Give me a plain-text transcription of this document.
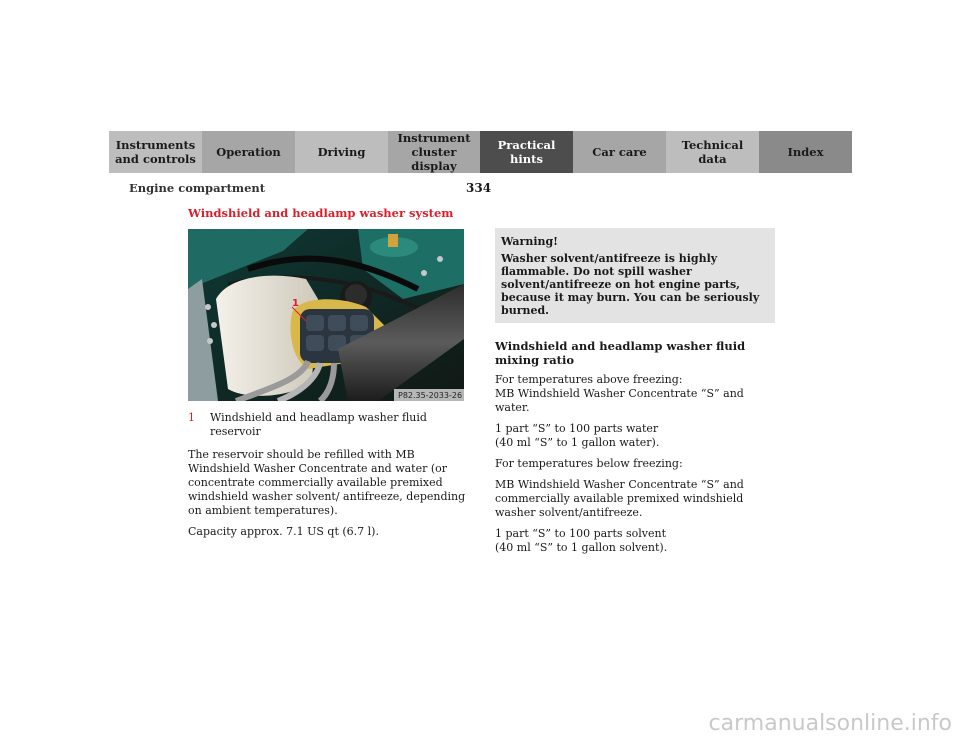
Instruments
and controls Operation	Driving
Instrument
cluster display
Practical hints	Car care	Technical
data	Index
Engine compartment	334
Windshield and headlamp washer system
1
P82.35-2033-26
1	Windshield and headlamp washer fluid reservoir

The reservoir should be refilled with MB Windshield Washer Concentrate and water (or concentrate commercially available premixed windshield washer solvent/ antifreeze, depending on ambient temperatures).

Capacity approx. 7.1 US qt (6.7 l).

Warning!
Washer solvent/antifreeze is highly flammable. Do not spill washer solvent/antifreeze on hot engine parts, because it may burn. You can be seriously burned.
Windshield and headlamp washer fluid mixing ratio

For temperatures above freezing:
MB Windshield Washer Concentrate “S” and water.

1 part “S” to 100 parts water
(40 ml “S” to 1 gallon water).

For temperatures below freezing:

MB Windshield Washer Concentrate “S” and commercially available premixed windshield washer solvent/antifreeze.

1 part “S” to 100 parts solvent
(40 ml “S” to 1 gallon solvent).

carmanualsonline.info
